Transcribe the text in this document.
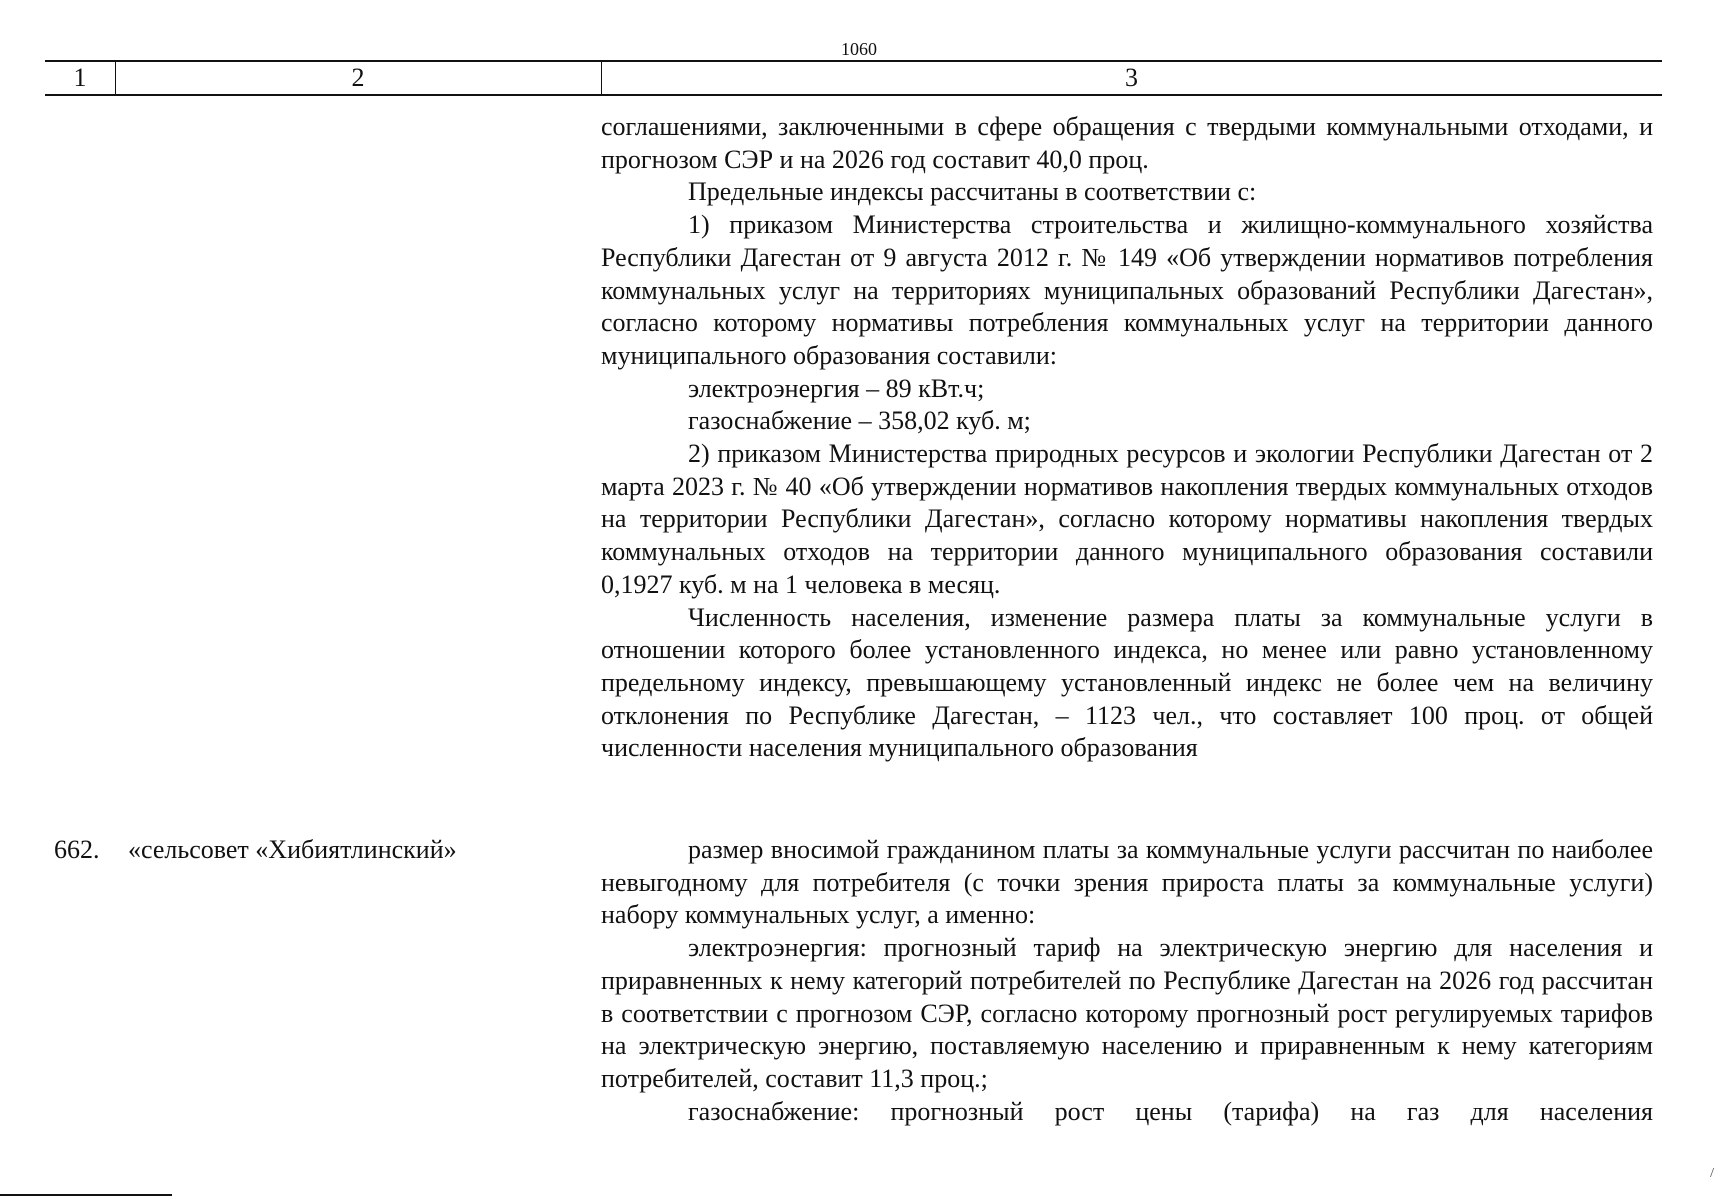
1060
1	2	3

соглашениями, заключенными в сфере обращения с твердыми коммунальными отходами, и прогнозом СЭР и на 2026 год составит 40,0 проц.

Предельные индексы рассчитаны в соответствии с:

1) приказом Министерства строительства и жилищно-коммунального хозяйства Республики Дагестан от 9 августа 2012 г. № 149 «Об утверждении нормативов потребления коммунальных услуг на территориях муниципальных образований Республики Дагестан», согласно которому нормативы потребления коммунальных услуг на территории данного муниципального образования составили:

электроэнергия – 89 кВт.ч;

газоснабжение – 358,02 куб. м;

2) приказом Министерства природных ресурсов и экологии Республики Дагестан от 2 марта 2023 г. № 40 «Об утверждении нормативов накопления твердых коммунальных отходов на территории Республики Дагестан», согласно которому нормативы накопления твердых коммунальных отходов на территории данного муниципального образования составили 0,1927 куб. м на 1 человека в месяц.

Численность населения, изменение размера платы за коммунальные услуги в отношении которого более установленного индекса, но менее или равно установленному предельному индексу, превышающему установленный индекс не более чем на величину отклонения по Республике Дагестан, – 1123 чел., что составляет 100 проц. от общей численности населения муниципального образования

662. «сельсовет «Хибиятлинский»	размер вносимой гражданином платы за коммунальные услуги рассчитан по наиболее невыгодному для потребителя (с точки зрения прироста платы за коммунальные услуги) набору коммунальных услуг, а именно:

электроэнергия: прогнозный тариф на электрическую энергию для населения и приравненных к нему категорий потребителей по Республике Дагестан на 2026 год рассчитан в соответствии с прогнозом СЭР, согласно которому прогнозный рост регулируемых тарифов на электрическую энергию, поставляемую населению и приравненным к нему категориям потребителей, составит 11,3 проц.;

газоснабжение: прогнозный рост цены (тарифа) на газ для населения

/
